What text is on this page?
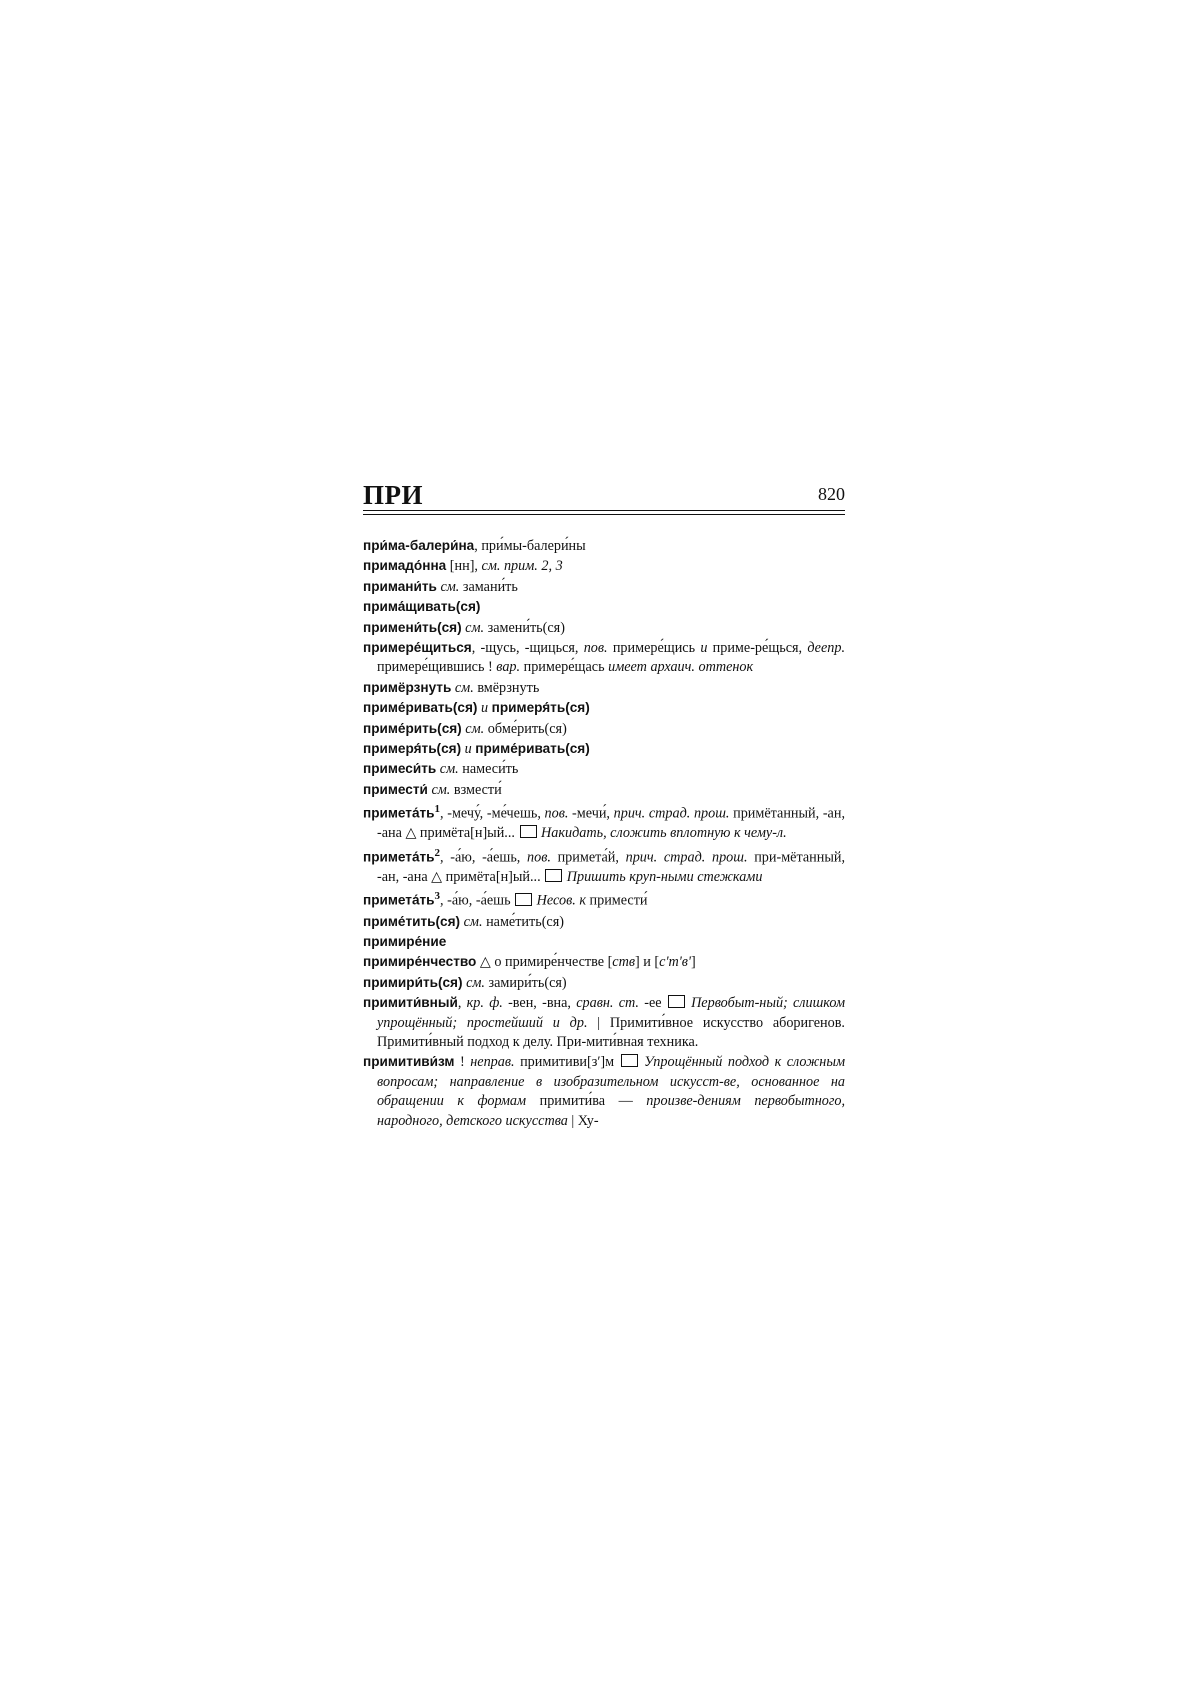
ПРИ	820
при́ма-балери́на, при́мы-балери́ны
примадо́нна [нн], см. прим. 2, 3
примани́ть см. замани́ть
прима́щивать(ся)
примени́ть(ся) см. замени́ть(ся)
примере́щиться, -щусь, -щицься, пов. примере́щись и приме-ре́щься, деепр. примере́щившись ! вар. примере́щась имеет архаич. оттенок
примёрзнуть см. вмёрзнуть
приме́ривать(ся) и примеря́ть(ся)
приме́рить(ся) см. обме́рить(ся)
примеря́ть(ся) и приме́ривать(ся)
примеси́ть см. намеси́ть
примести́ см. взмести́
$примета́ть^1$, -мечу́, -ме́чешь, пов. -мечи́, прич. страд. прош. примётанный, -ан, -ана △ примёта[н]ый... Накидать, сложить вплотную к чему-л.
$примета́ть^2$, -а́ю, -а́ешь, пов. примета́й, прич. страд. прош. при-мётанный, -ан, -ана △ примёта[н]ый... Пришить круп-ными стежками
$примета́ть^3$, -а́ю, -а́ешь Несов. к примести́
приме́тить(ся) см. наме́тить(ся)
примире́ние
примире́нчество △ о примире́нчестве [ств] и [сʹтʹвʹ]
примири́ть(ся) см. замири́ть(ся)
примити́вный, кр. ф. -вен, -вна, сравн. ст. -ее  Первобыт-ный; слишком упрощённый; простейший и др. | Примити́вное искусство аборигенов. Примити́вный подход к делу. При-мити́вная техника.
примитиви́зм ! неправ. примитиви[зʹ]м  Упрощённый подход к сложным вопросам; направление в изобразительном искусст-ве, основанное на обращении к формам примити́ва — произве-дениям первобытного, народного, детского искусства | Ху-
